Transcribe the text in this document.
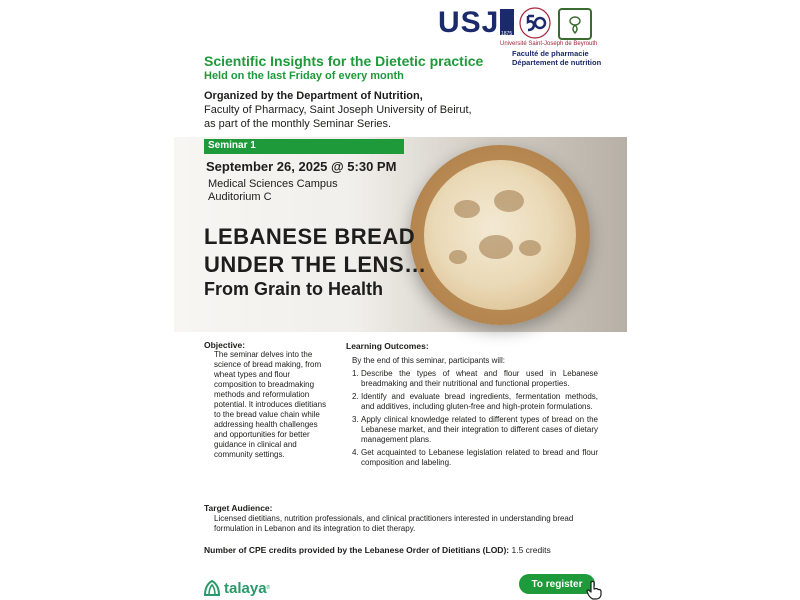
USJ 1875
Université Saint-Joseph de Beyrouth
Faculté de pharmacie
Département de nutrition
Scientific Insights for the Dietetic practice
Held on the last Friday of every month
Organized by the Department of Nutrition,
Faculty of Pharmacy, Saint Joseph University of Beirut,
as part of the monthly Seminar Series.
Seminar 1
September 26, 2025 @ 5:30 PM
Medical Sciences Campus
Auditorium C
LEBANESE BREAD
UNDER THE LENS…
From Grain to Health
Objective:
The seminar delves into the science of bread making, from wheat types and flour composition to breadmaking methods and reformulation potential. It introduces dietitians to the bread value chain while addressing health challenges and opportunities for better guidance in clinical and community settings.
Learning Outcomes:
By the end of this seminar, participants will:
1. Describe the types of wheat and flour used in Lebanese breadmaking and their nutritional and functional properties.
2. Identify and evaluate bread ingredients, fermentation methods, and additives, including gluten-free and high-protein formulations.
3. Apply clinical knowledge related to different types of bread on the Lebanese market, and their integration to different cases of dietary management plans.
4. Get acquainted to Lebanese legislation related to bread and flour composition and labeling.
Target Audience:
Licensed dietitians, nutrition professionals, and clinical practitioners interested in understanding bread formulation in Lebanon and its integration to diet therapy.
Number of CPE credits provided by the Lebanese Order of Dietitians (LOD): 1.5 credits
talaya ®	To register
